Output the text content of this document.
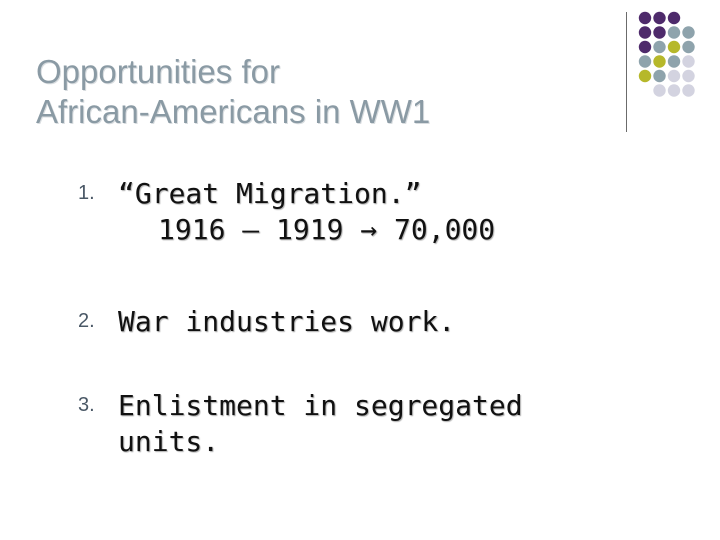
Opportunities for
African-Americans in WW1
1. “Great Migration.”
1916 – 1919 → 70,000
2. War industries work.
3. Enlistment in segregated
units.
